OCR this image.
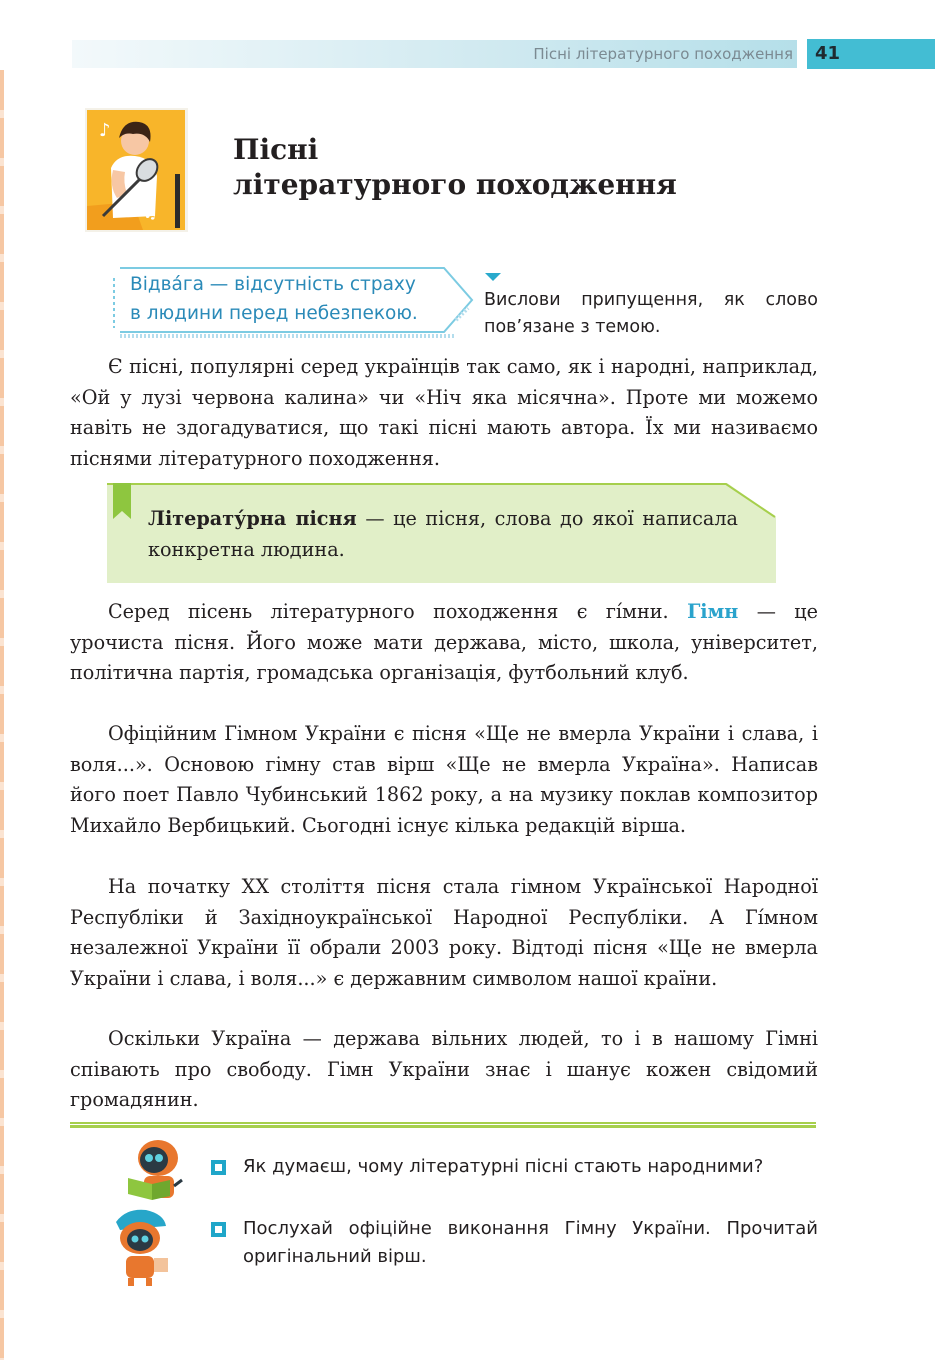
Пісні літературного походження 41
♪
♫
Пісні
літературного походження
Відва́га — відсутність страху
в людини перед небезпекою.
Вислови припущення, як слово пов’язане з темою.
Є пісні, популярні серед українців так само, як і народні, наприклад, «Ой у лузі червона калина» чи «Ніч яка місячна». Проте ми можемо навіть не здогадуватися, що такі пісні мають автора. Їх ми називаємо піснями літературного походження.
Літерату́рна пісня — це пісня, слова до якої написала конкретна людина.
Серед пісень літературного походження є гі́мни. Гімн — це урочиста пісня. Його може мати держава, місто, школа, університет, політична партія, громадська організація, футбольний клуб.
Офіційним Гімном України є пісня «Ще не вмерла України і слава, і воля...». Основою гімну став вірш «Ще не вмерла Україна». Написав його поет Павло Чубинський 1862 року, а на музику поклав композитор Михайло Вербицький. Сьогодні існує кілька редакцій вірша.
На початку XX століття пісня стала гімном Української Народної Республіки й Західноукраїнської Народної Республіки. А Гі́мном незалежної України її обрали 2003 року. Відтоді пісня «Ще не вмерла України і слава, і воля...» є державним символом нашої країни.
Оскільки Україна — держава вільних людей, то і в нашому Гімні співають про свободу. Гімн України знає і шанує кожен свідомий громадянин.
Як думаєш, чому літературні пісні стають народними?
Послухай офіційне виконання Гімну України. Прочитай оригінальний вірш.
